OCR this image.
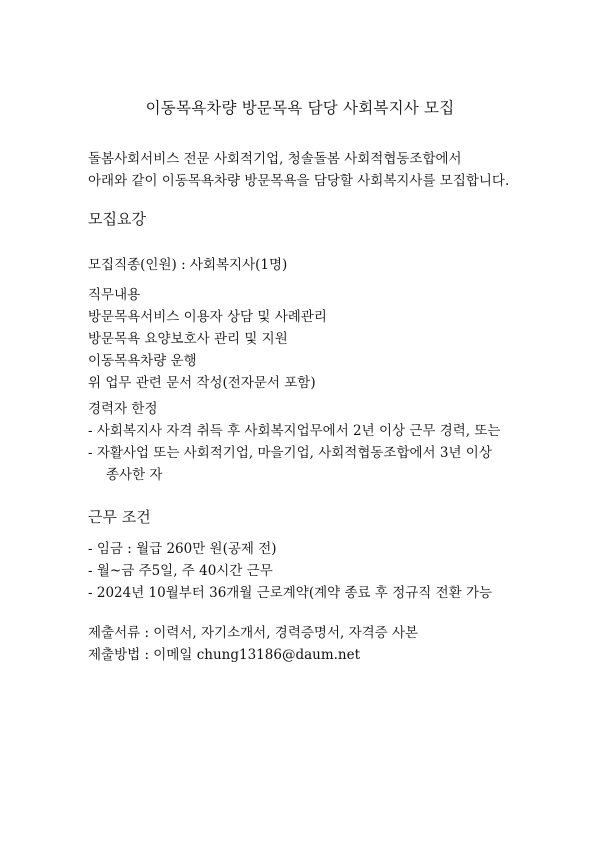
이동목욕차량 방문목욕 담당 사회복지사 모집
돌봄사회서비스 전문 사회적기업, 청솔돌봄 사회적협동조합에서
아래와 같이 이동목욕차량 방문목욕을 담당할 사회복지사를 모집합니다.
모집요강
모집직종(인원) : 사회복지사(1명)
직무내용
방문목욕서비스 이용자 상담 및 사례관리
방문목욕 요양보호사 관리 및 지원
이동목욕차량 운행
위 업무 관련 문서 작성(전자문서 포함)
경력자 한정
- 사회복지사 자격 취득 후 사회복지업무에서 2년 이상 근무 경력, 또는
- 자활사업 또는 사회적기업, 마을기업, 사회적협동조합에서 3년 이상
종사한 자
근무 조건
- 임금 : 월급 260만 원(공제 전)
- 월~금 주5일, 주 40시간 근무
- 2024년 10월부터 36개월 근로계약(계약 종료 후 정규직 전환 가능
제출서류 : 이력서, 자기소개서, 경력증명서, 자격증 사본
제출방법 : 이메일 chung13186@daum.net
